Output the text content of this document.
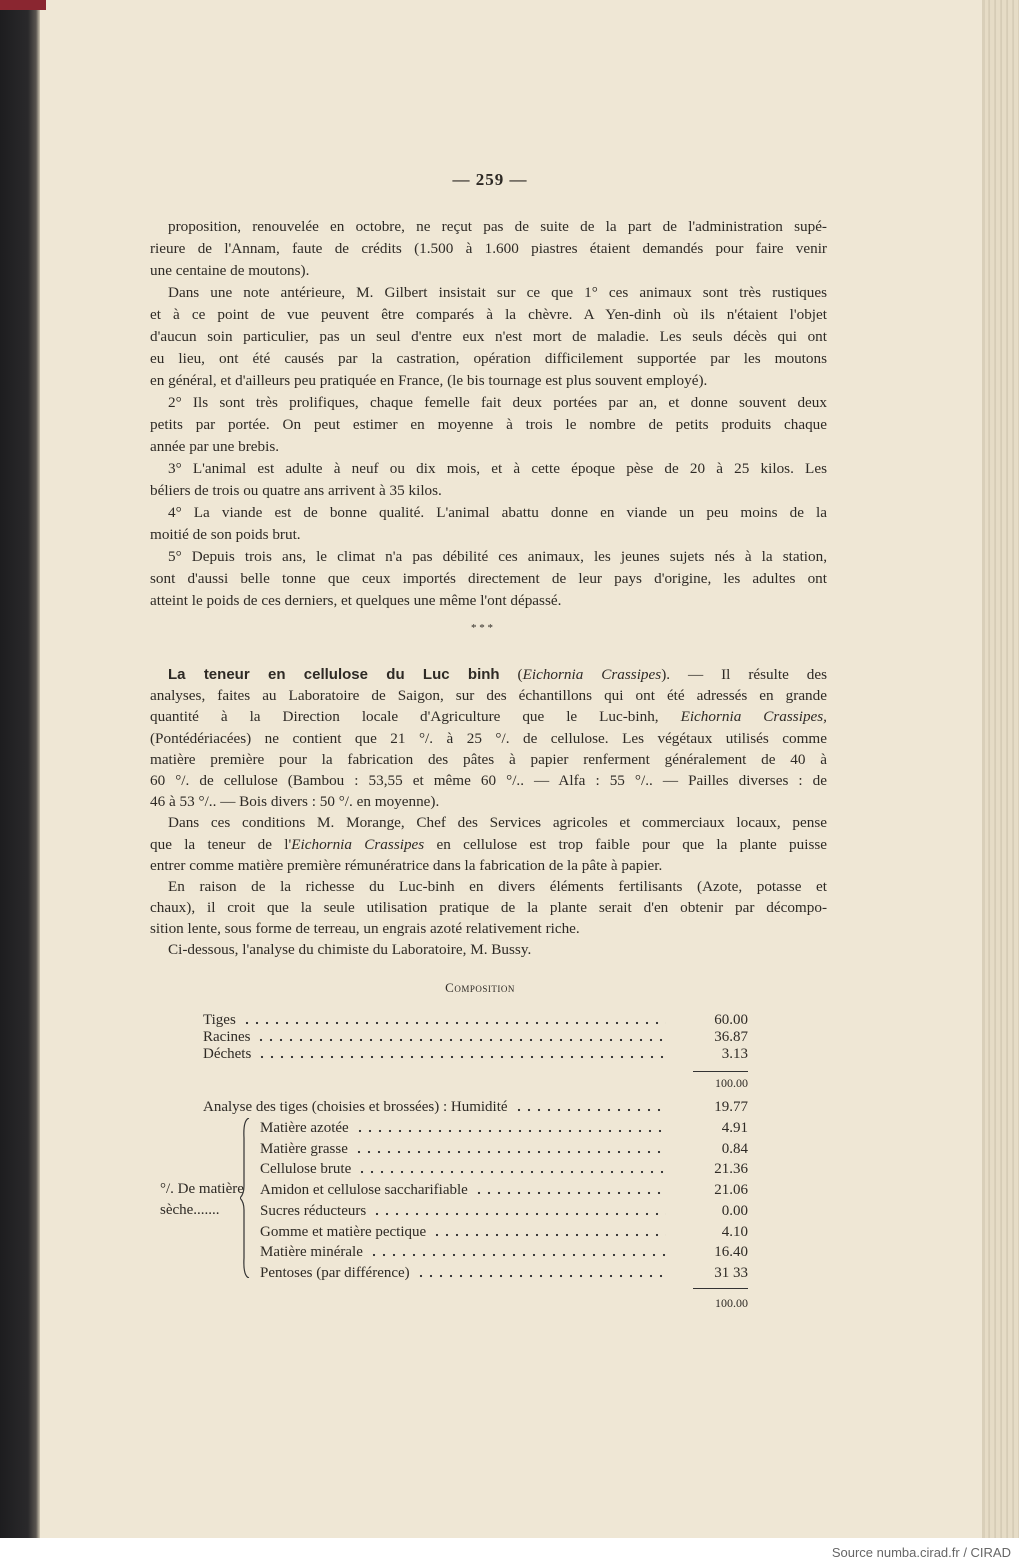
— 259 —
proposition, renouvelée en octobre, ne reçut pas de suite de la part de l'administration supé-
rieure de l'Annam, faute de crédits (1.500 à 1.600 piastres étaient demandés pour faire venir
une centaine de moutons).
Dans une note antérieure, M. Gilbert insistait sur ce que 1° ces animaux sont très rustiques
et à ce point de vue peuvent être comparés à la chèvre. A Yen-dinh où ils n'étaient l'objet
d'aucun soin particulier, pas un seul d'entre eux n'est mort de maladie. Les seuls décès qui ont
eu lieu, ont été causés par la castration, opération difficilement supportée par les moutons
en général, et d'ailleurs peu pratiquée en France, (le bis tournage est plus souvent employé).
2° Ils sont très prolifiques, chaque femelle fait deux portées par an, et donne souvent deux
petits par portée. On peut estimer en moyenne à trois le nombre de petits produits chaque
année par une brebis.
3° L'animal est adulte à neuf ou dix mois, et à cette époque pèse de 20 à 25 kilos. Les
béliers de trois ou quatre ans arrivent à 35 kilos.
4° La viande est de bonne qualité. L'animal abattu donne en viande un peu moins de la
moitié de son poids brut.
5° Depuis trois ans, le climat n'a pas débilité ces animaux, les jeunes sujets nés à la station,
sont d'aussi belle tonne que ceux importés directement de leur pays d'origine, les adultes ont
atteint le poids de ces derniers, et quelques une même l'ont dépassé.
* * *
La teneur en cellulose du Luc binh (Eichornia Crassipes). — Il résulte des
analyses, faites au Laboratoire de Saigon, sur des échantillons qui ont été adressés en grande
quantité à la Direction locale d'Agriculture que le Luc-binh, Eichornia Crassipes,
(Pontédériacées) ne contient que 21 °/. à 25 °/. de cellulose. Les végétaux utilisés comme
matière première pour la fabrication des pâtes à papier renferment généralement de 40 à
60 °/. de cellulose (Bambou : 53,55 et même 60 °/.. — Alfa : 55 °/.. — Pailles diverses : de
46 à 53 °/.. — Bois divers : 50 °/. en moyenne).
Dans ces conditions M. Morange, Chef des Services agricoles et commerciaux locaux, pense
que la teneur de l'Eichornia Crassipes en cellulose est trop faible pour que la plante puisse
entrer comme matière première rémunératrice dans la fabrication de la pâte à papier.
En raison de la richesse du Luc-binh en divers éléments fertilisants (Azote, potasse et
chaux), il croit que la seule utilisation pratique de la plante serait d'en obtenir par décompo-
sition lente, sous forme de terreau, un engrais azoté relativement riche.
Ci-dessous, l'analyse du chimiste du Laboratoire, M. Bussy.
Composition
Tiges	60.00
Racines	36.87
Déchets	3.13
100.00
Analyse des tiges (choisies et brossées) : Humidité	19.77
Matière azotée	4.91
Matière grasse	0.84
Cellulose brute	21.36
Amidon et cellulose saccharifiable	21.06
Sucres réducteurs	0.00
Gomme et matière pectique	4.10
Matière minérale	16.40
Pentoses (par différence)	31 33
100.00
°/. De matière
sèche.......
Source numba.cirad.fr / CIRAD
